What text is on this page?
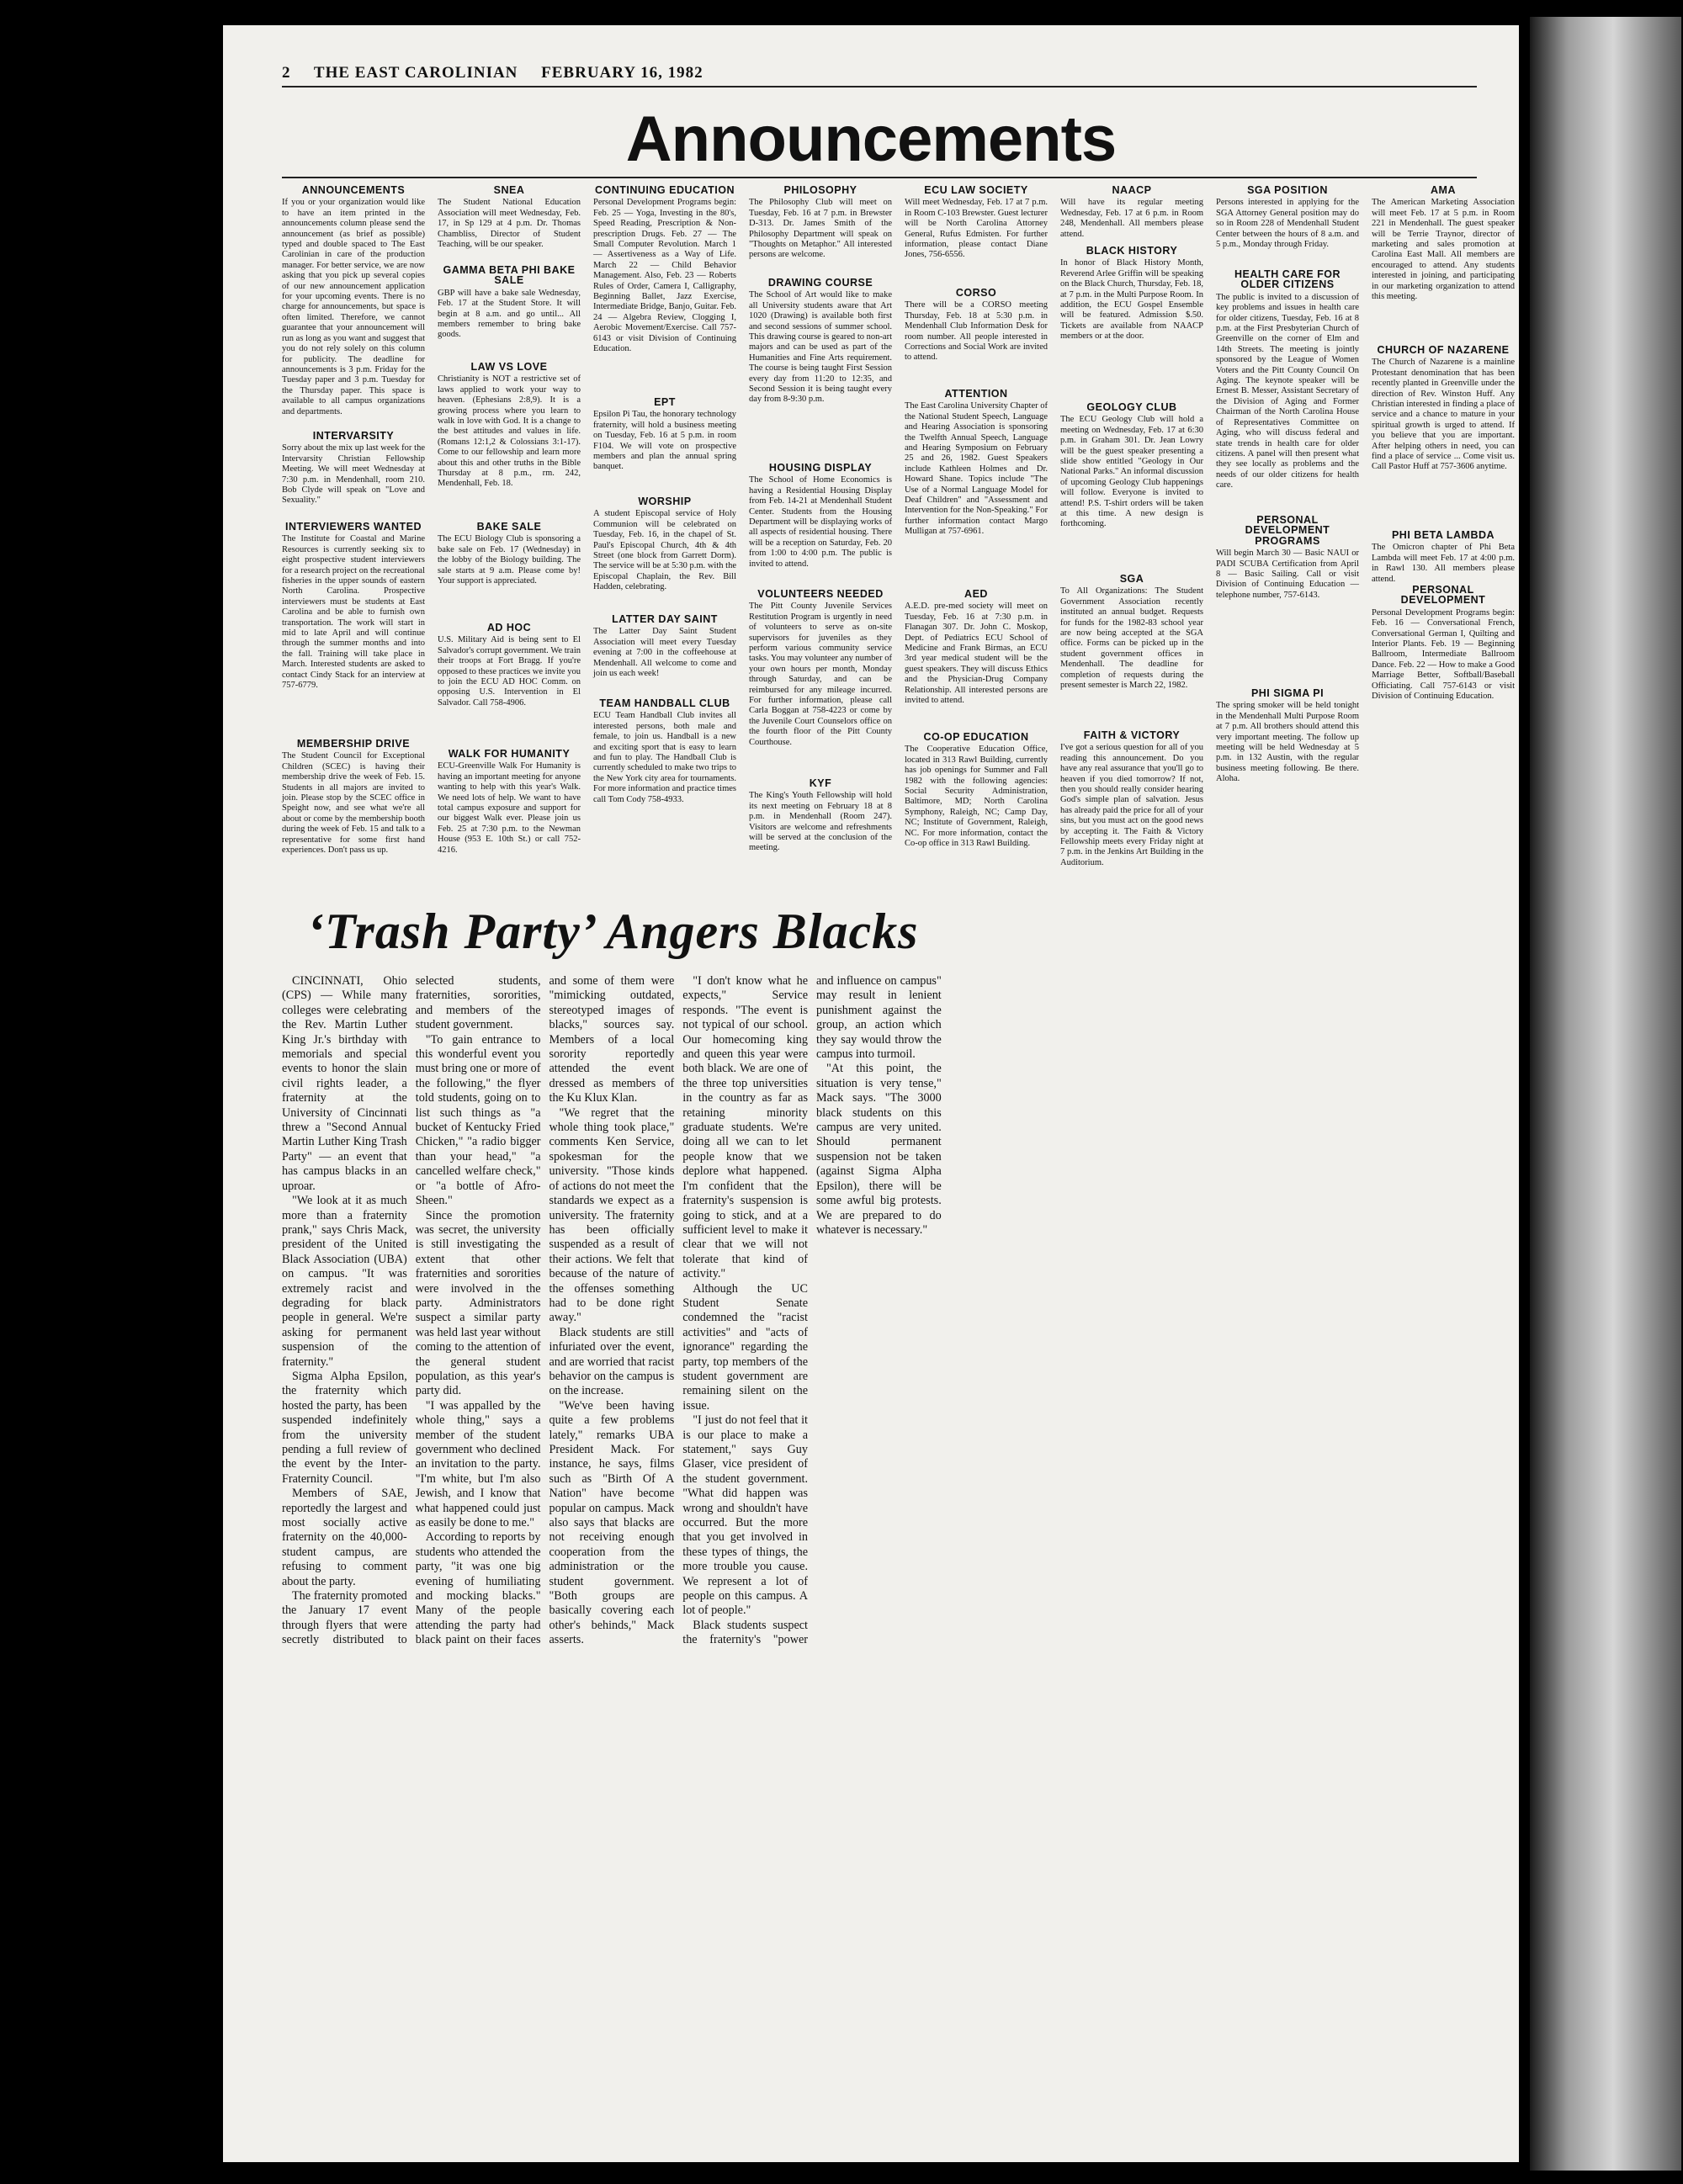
2 THE EAST CAROLINIAN FEBRUARY 16, 1982
Announcements
ANNOUNCEMENTS

If you or your organization would like to have an item printed in the announcements column please send the announcement (as brief as possible) typed and double spaced to The East Carolinian in care of the production manager. For better service, we are now asking that you pick up several copies of our new announcement application for your upcoming events. There is no charge for announcements, but space is often limited. Therefore, we cannot guarantee that your announcement will run as long as you want and suggest that you do not rely solely on this column for publicity. The deadline for announcements is 3 p.m. Friday for the Tuesday paper and 3 p.m. Tuesday for the Thursday paper. This space is available to all campus organizations and departments.

INTERVARSITY

Sorry about the mix up last week for the Intervarsity Christian Fellowship Meeting. We will meet Wednesday at 7:30 p.m. in Mendenhall, room 210. Bob Clyde will speak on "Love and Sexuality."

INTERVIEWERS WANTED

The Institute for Coastal and Marine Resources is currently seeking six to eight prospective student interviewers for a research project on the recreational fisheries in the upper sounds of eastern North Carolina. Prospective interviewers must be students at East Carolina and be able to furnish own transportation. The work will start in mid to late April and will continue through the summer months and into the fall. Training will take place in March. Interested students are asked to contact Cindy Stack for an interview at 757-6779.

MEMBERSHIP DRIVE

The Student Council for Exceptional Children (SCEC) is having their membership drive the week of Feb. 15. Students in all majors are invited to join. Please stop by the SCEC office in Speight now, and see what we're all about or come by the membership booth during the week of Feb. 15 and talk to a representative for some first hand experiences. Don't pass us up.

SNEA

The Student National Education Association will meet Wednesday, Feb. 17, in Sp 129 at 4 p.m. Dr. Thomas Chambliss, Director of Student Teaching, will be our speaker.

GAMMA BETA PHI BAKE SALE

GBP will have a bake sale Wednesday, Feb. 17 at the Student Store. It will begin at 8 a.m. and go until... All members remember to bring bake goods.

LAW VS LOVE

Christianity is NOT a restrictive set of laws applied to work your way to heaven. (Ephesians 2:8,9). It is a growing process where you learn to walk in love with God. It is a change to the best attitudes and values in life. (Romans 12:1,2 & Colossians 3:1-17). Come to our fellowship and learn more about this and other truths in the Bible Thursday at 8 p.m., rm. 242, Mendenhall, Feb. 18.

BAKE SALE

The ECU Biology Club is sponsoring a bake sale on Feb. 17 (Wednesday) in the lobby of the Biology building. The sale starts at 9 a.m. Please come by! Your support is appreciated.

AD HOC

U.S. Military Aid is being sent to El Salvador's corrupt government. We train their troops at Fort Bragg. If you're opposed to these practices we invite you to join the ECU AD HOC Comm. on opposing U.S. Intervention in El Salvador. Call 758-4906.

WALK FOR HUMANITY

ECU-Greenville Walk For Humanity is having an important meeting for anyone wanting to help with this year's Walk. We need lots of help. We want to have total campus exposure and support for our biggest Walk ever. Please join us Feb. 25 at 7:30 p.m. to the Newman House (953 E. 10th St.) or call 752-4216.

CONTINUING EDUCATION

Personal Development Programs begin: Feb. 25 — Yoga, Investing in the 80's, Speed Reading, Prescription & Non-prescription Drugs. Feb. 27 — The Small Computer Revolution. March 1 — Assertiveness as a Way of Life. March 22 — Child Behavior Management. Also, Feb. 23 — Roberts Rules of Order, Camera I, Calligraphy, Beginning Ballet, Jazz Exercise, Intermediate Bridge, Banjo, Guitar. Feb. 24 — Algebra Review, Clogging I, Aerobic Movement/Exercise. Call 757-6143 or visit Division of Continuing Education.

EPT

Epsilon Pi Tau, the honorary technology fraternity, will hold a business meeting on Tuesday, Feb. 16 at 5 p.m. in room F104. We will vote on prospective members and plan the annual spring banquet.

WORSHIP

A student Episcopal service of Holy Communion will be celebrated on Tuesday, Feb. 16, in the chapel of St. Paul's Episcopal Church, 4th & 4th Street (one block from Garrett Dorm). The service will be at 5:30 p.m. with the Episcopal Chaplain, the Rev. Bill Hadden, celebrating.

LATTER DAY SAINT

The Latter Day Saint Student Association will meet every Tuesday evening at 7:00 in the coffeehouse at Mendenhall. All welcome to come and join us each week!

TEAM HANDBALL CLUB

ECU Team Handball Club invites all interested persons, both male and female, to join us. Handball is a new and exciting sport that is easy to learn and fun to play. The Handball Club is currently scheduled to make two trips to the New York city area for tournaments. For more information and practice times call Tom Cody 758-4933.

PHILOSOPHY

The Philosophy Club will meet on Tuesday, Feb. 16 at 7 p.m. in Brewster D-313. Dr. James Smith of the Philosophy Department will speak on "Thoughts on Metaphor." All interested persons are welcome.

DRAWING COURSE

The School of Art would like to make all University students aware that Art 1020 (Drawing) is available both first and second sessions of summer school. This drawing course is geared to non-art majors and can be used as part of the Humanities and Fine Arts requirement. The course is being taught First Session every day from 11:20 to 12:35, and Second Session it is being taught every day from 8-9:30 p.m.

HOUSING DISPLAY

The School of Home Economics is having a Residential Housing Display from Feb. 14-21 at Mendenhall Student Center. Students from the Housing Department will be displaying works of all aspects of residential housing. There will be a reception on Saturday, Feb. 20 from 1:00 to 4:00 p.m. The public is invited to attend.

VOLUNTEERS NEEDED

The Pitt County Juvenile Services Restitution Program is urgently in need of volunteers to serve as on-site supervisors for juveniles as they perform various community service tasks. You may volunteer any number of your own hours per month, Monday through Saturday, and can be reimbursed for any mileage incurred. For further information, please call Carla Boggan at 758-4223 or come by the Juvenile Court Counselors office on the fourth floor of the Pitt County Courthouse.

KYF

The King's Youth Fellowship will hold its next meeting on February 18 at 8 p.m. in Mendenhall (Room 247). Visitors are welcome and refreshments will be served at the conclusion of the meeting.

ECU LAW SOCIETY

Will meet Wednesday, Feb. 17 at 7 p.m. in Room C-103 Brewster. Guest lecturer will be North Carolina Attorney General, Rufus Edmisten. For further information, please contact Diane Jones, 756-6556.

CORSO

There will be a CORSO meeting Thursday, Feb. 18 at 5:30 p.m. in Mendenhall Club Information Desk for room number. All people interested in Corrections and Social Work are invited to attend.

ATTENTION

The East Carolina University Chapter of the National Student Speech, Language and Hearing Association is sponsoring the Twelfth Annual Speech, Language and Hearing Symposium on February 25 and 26, 1982. Guest Speakers include Kathleen Holmes and Dr. Howard Shane. Topics include "The Use of a Normal Language Model for Deaf Children" and "Assessment and Intervention for the Non-Speaking." For further information contact Margo Mulligan at 757-6961.

AED

A.E.D. pre-med society will meet on Tuesday, Feb. 16 at 7:30 p.m. in Flanagan 307. Dr. John C. Moskop, Dept. of Pediatrics ECU School of Medicine and Frank Birmas, an ECU 3rd year medical student will be the guest speakers. They will discuss Ethics and the Physician-Drug Company Relationship. All interested persons are invited to attend.

CO-OP EDUCATION

The Cooperative Education Office, located in 313 Rawl Building, currently has job openings for Summer and Fall 1982 with the following agencies: Social Security Administration, Baltimore, MD; North Carolina Symphony, Raleigh, NC; Camp Day, NC; Institute of Government, Raleigh, NC. For more information, contact the Co-op office in 313 Rawl Building.

NAACP

Will have its regular meeting Wednesday, Feb. 17 at 6 p.m. in Room 248, Mendenhall. All members please attend.

BLACK HISTORY

In honor of Black History Month, Reverend Arlee Griffin will be speaking on the Black Church, Thursday, Feb. 18, at 7 p.m. in the Multi Purpose Room. In addition, the ECU Gospel Ensemble will be featured. Admission $.50. Tickets are available from NAACP members or at the door.

GEOLOGY CLUB

The ECU Geology Club will hold a meeting on Wednesday, Feb. 17 at 6:30 p.m. in Graham 301. Dr. Jean Lowry will be the guest speaker presenting a slide show entitled "Geology in Our National Parks." An informal discussion of upcoming Geology Club happenings will follow. Everyone is invited to attend! P.S. T-shirt orders will be taken at this time. A new design is forthcoming.

SGA

To All Organizations: The Student Government Association recently instituted an annual budget. Requests for funds for the 1982-83 school year are now being accepted at the SGA office. Forms can be picked up in the student government offices in Mendenhall. The deadline for completion of requests during the present semester is March 22, 1982.

FAITH & VICTORY

I've got a serious question for all of you reading this announcement. Do you have any real assurance that you'll go to heaven if you died tomorrow? If not, then you should really consider hearing God's simple plan of salvation. Jesus has already paid the price for all of your sins, but you must act on the good news by accepting it. The Faith & Victory Fellowship meets every Friday night at 7 p.m. in the Jenkins Art Building in the Auditorium.

SGA POSITION

Persons interested in applying for the SGA Attorney General position may do so in Room 228 of Mendenhall Student Center between the hours of 8 a.m. and 5 p.m., Monday through Friday.

HEALTH CARE FOR OLDER CITIZENS

The public is invited to a discussion of key problems and issues in health care for older citizens, Tuesday, Feb. 16 at 8 p.m. at the First Presbyterian Church of Greenville on the corner of Elm and 14th Streets. The meeting is jointly sponsored by the League of Women Voters and the Pitt County Council On Aging. The keynote speaker will be Ernest B. Messer, Assistant Secretary of the Division of Aging and Former Chairman of the North Carolina House of Representatives Committee on Aging, who will discuss federal and state trends in health care for older citizens. A panel will then present what they see locally as problems and the needs of our older citizens for health care.

PERSONAL DEVELOPMENT PROGRAMS

Will begin March 30 — Basic NAUI or PADI SCUBA Certification from April 8 — Basic Sailing. Call or visit Division of Continuing Education — telephone number, 757-6143.

PHI SIGMA PI

The spring smoker will be held tonight in the Mendenhall Multi Purpose Room at 7 p.m. All brothers should attend this very important meeting. The follow up meeting will be held Wednesday at 5 p.m. in 132 Austin, with the regular business meeting following. Be there. Aloha.

AMA

The American Marketing Association will meet Feb. 17 at 5 p.m. in Room 221 in Mendenhall. The guest speaker will be Terrie Traynor, director of marketing and sales promotion at Carolina East Mall. All members are encouraged to attend. Any students interested in joining, and participating in our marketing organization to attend this meeting.

CHURCH OF NAZARENE

The Church of Nazarene is a mainline Protestant denomination that has been recently planted in Greenville under the direction of Rev. Winston Huff. Any Christian interested in finding a place of service and a chance to mature in your spiritual growth is urged to attend. If you believe that you are important. After helping others in need, you can find a place of service ... Come visit us. Call Pastor Huff at 757-3606 anytime.

PHI BETA LAMBDA

The Omicron chapter of Phi Beta Lambda will meet Feb. 17 at 4:00 p.m. in Rawl 130. All members please attend.

PERSONAL DEVELOPMENT

Personal Development Programs begin: Feb. 16 — Conversational French, Conversational German I, Quilting and Interior Plants. Feb. 19 — Beginning Ballroom, Intermediate Ballroom Dance. Feb. 22 — How to make a Good Marriage Better, Softball/Baseball Officiating. Call 757-6143 or visit Division of Continuing Education.

‘Trash Party’ Angers Blacks

CINCINNATI, Ohio (CPS) — While many colleges were celebrating the Rev. Martin Luther King Jr.'s birthday with memorials and special events to honor the slain civil rights leader, a fraternity at the University of Cincinnati threw a "Second Annual Martin Luther King Trash Party" — an event that has campus blacks in an uproar.

"We look at it as much more than a fraternity prank," says Chris Mack, president of the United Black Association (UBA) on campus. "It was extremely racist and degrading for black people in general. We're asking for permanent suspension of the fraternity."

Sigma Alpha Epsilon, the fraternity which hosted the party, has been suspended indefinitely from the university pending a full review of the event by the Inter-Fraternity Council.

Members of SAE, reportedly the largest and most socially active fraternity on the 40,000-student campus, are refusing to comment about the party.

The fraternity promoted the January 17 event through flyers that were secretly distributed to selected students, fraternities, sororities, and members of the student government.

"To gain entrance to this wonderful event you must bring one or more of the following," the flyer told students, going on to list such things as "a bucket of Kentucky Fried Chicken," "a radio bigger than your head," "a cancelled welfare check," or "a bottle of Afro-Sheen."

Since the promotion was secret, the university is still investigating the extent that other fraternities and sororities were involved in the party. Administrators suspect a similar party was held last year without coming to the attention of the general student population, as this year's party did.

"I was appalled by the whole thing," says a member of the student government who declined an invitation to the party. "I'm white, but I'm also Jewish, and I know that what happened could just as easily be done to me."

According to reports by students who attended the party, "it was one big evening of humiliating and mocking blacks." Many of the people attending the party had black paint on their faces and some of them were "mimicking outdated, stereotyped images of blacks," sources say. Members of a local sorority reportedly attended the event dressed as members of the Ku Klux Klan.

"We regret that the whole thing took place," comments Ken Service, spokesman for the university. "Those kinds of actions do not meet the standards we expect as a university. The fraternity has been officially suspended as a result of their actions. We felt that because of the nature of the offenses something had to be done right away."

Black students are still infuriated over the event, and are worried that racist behavior on the campus is on the increase.

"We've been having quite a few problems lately," remarks UBA President Mack. For instance, he says, films such as "Birth Of A Nation" have become popular on campus. Mack also says that blacks are not receiving enough cooperation from the administration or the student government. "Both groups are basically covering each other's behinds," Mack asserts.

"I don't know what he expects," Service responds. "The event is not typical of our school. Our homecoming king and queen this year were both black. We are one of the three top universities in the country as far as retaining minority graduate students. We're doing all we can to let people know that we deplore what happened. I'm confident that the fraternity's suspension is going to stick, and at a sufficient level to make it clear that we will not tolerate that kind of activity."

Although the UC Student Senate condemned the "racist activities" and "acts of ignorance" regarding the party, top members of the student government are remaining silent on the issue.

"I just do not feel that it is our place to make a statement," says Guy Glaser, vice president of the student government. "What did happen was wrong and shouldn't have occurred. But the more that you get involved in these types of things, the more trouble you cause. We represent a lot of people on this campus. A lot of people."

Black students suspect the fraternity's "power and influence on campus" may result in lenient punishment against the group, an action which they say would throw the campus into turmoil.

"At this point, the situation is very tense," Mack says. "The 3000 black students on this campus are very united. Should permanent suspension not be taken (against Sigma Alpha Epsilon), there will be some awful big protests. We are prepared to do whatever is necessary."
